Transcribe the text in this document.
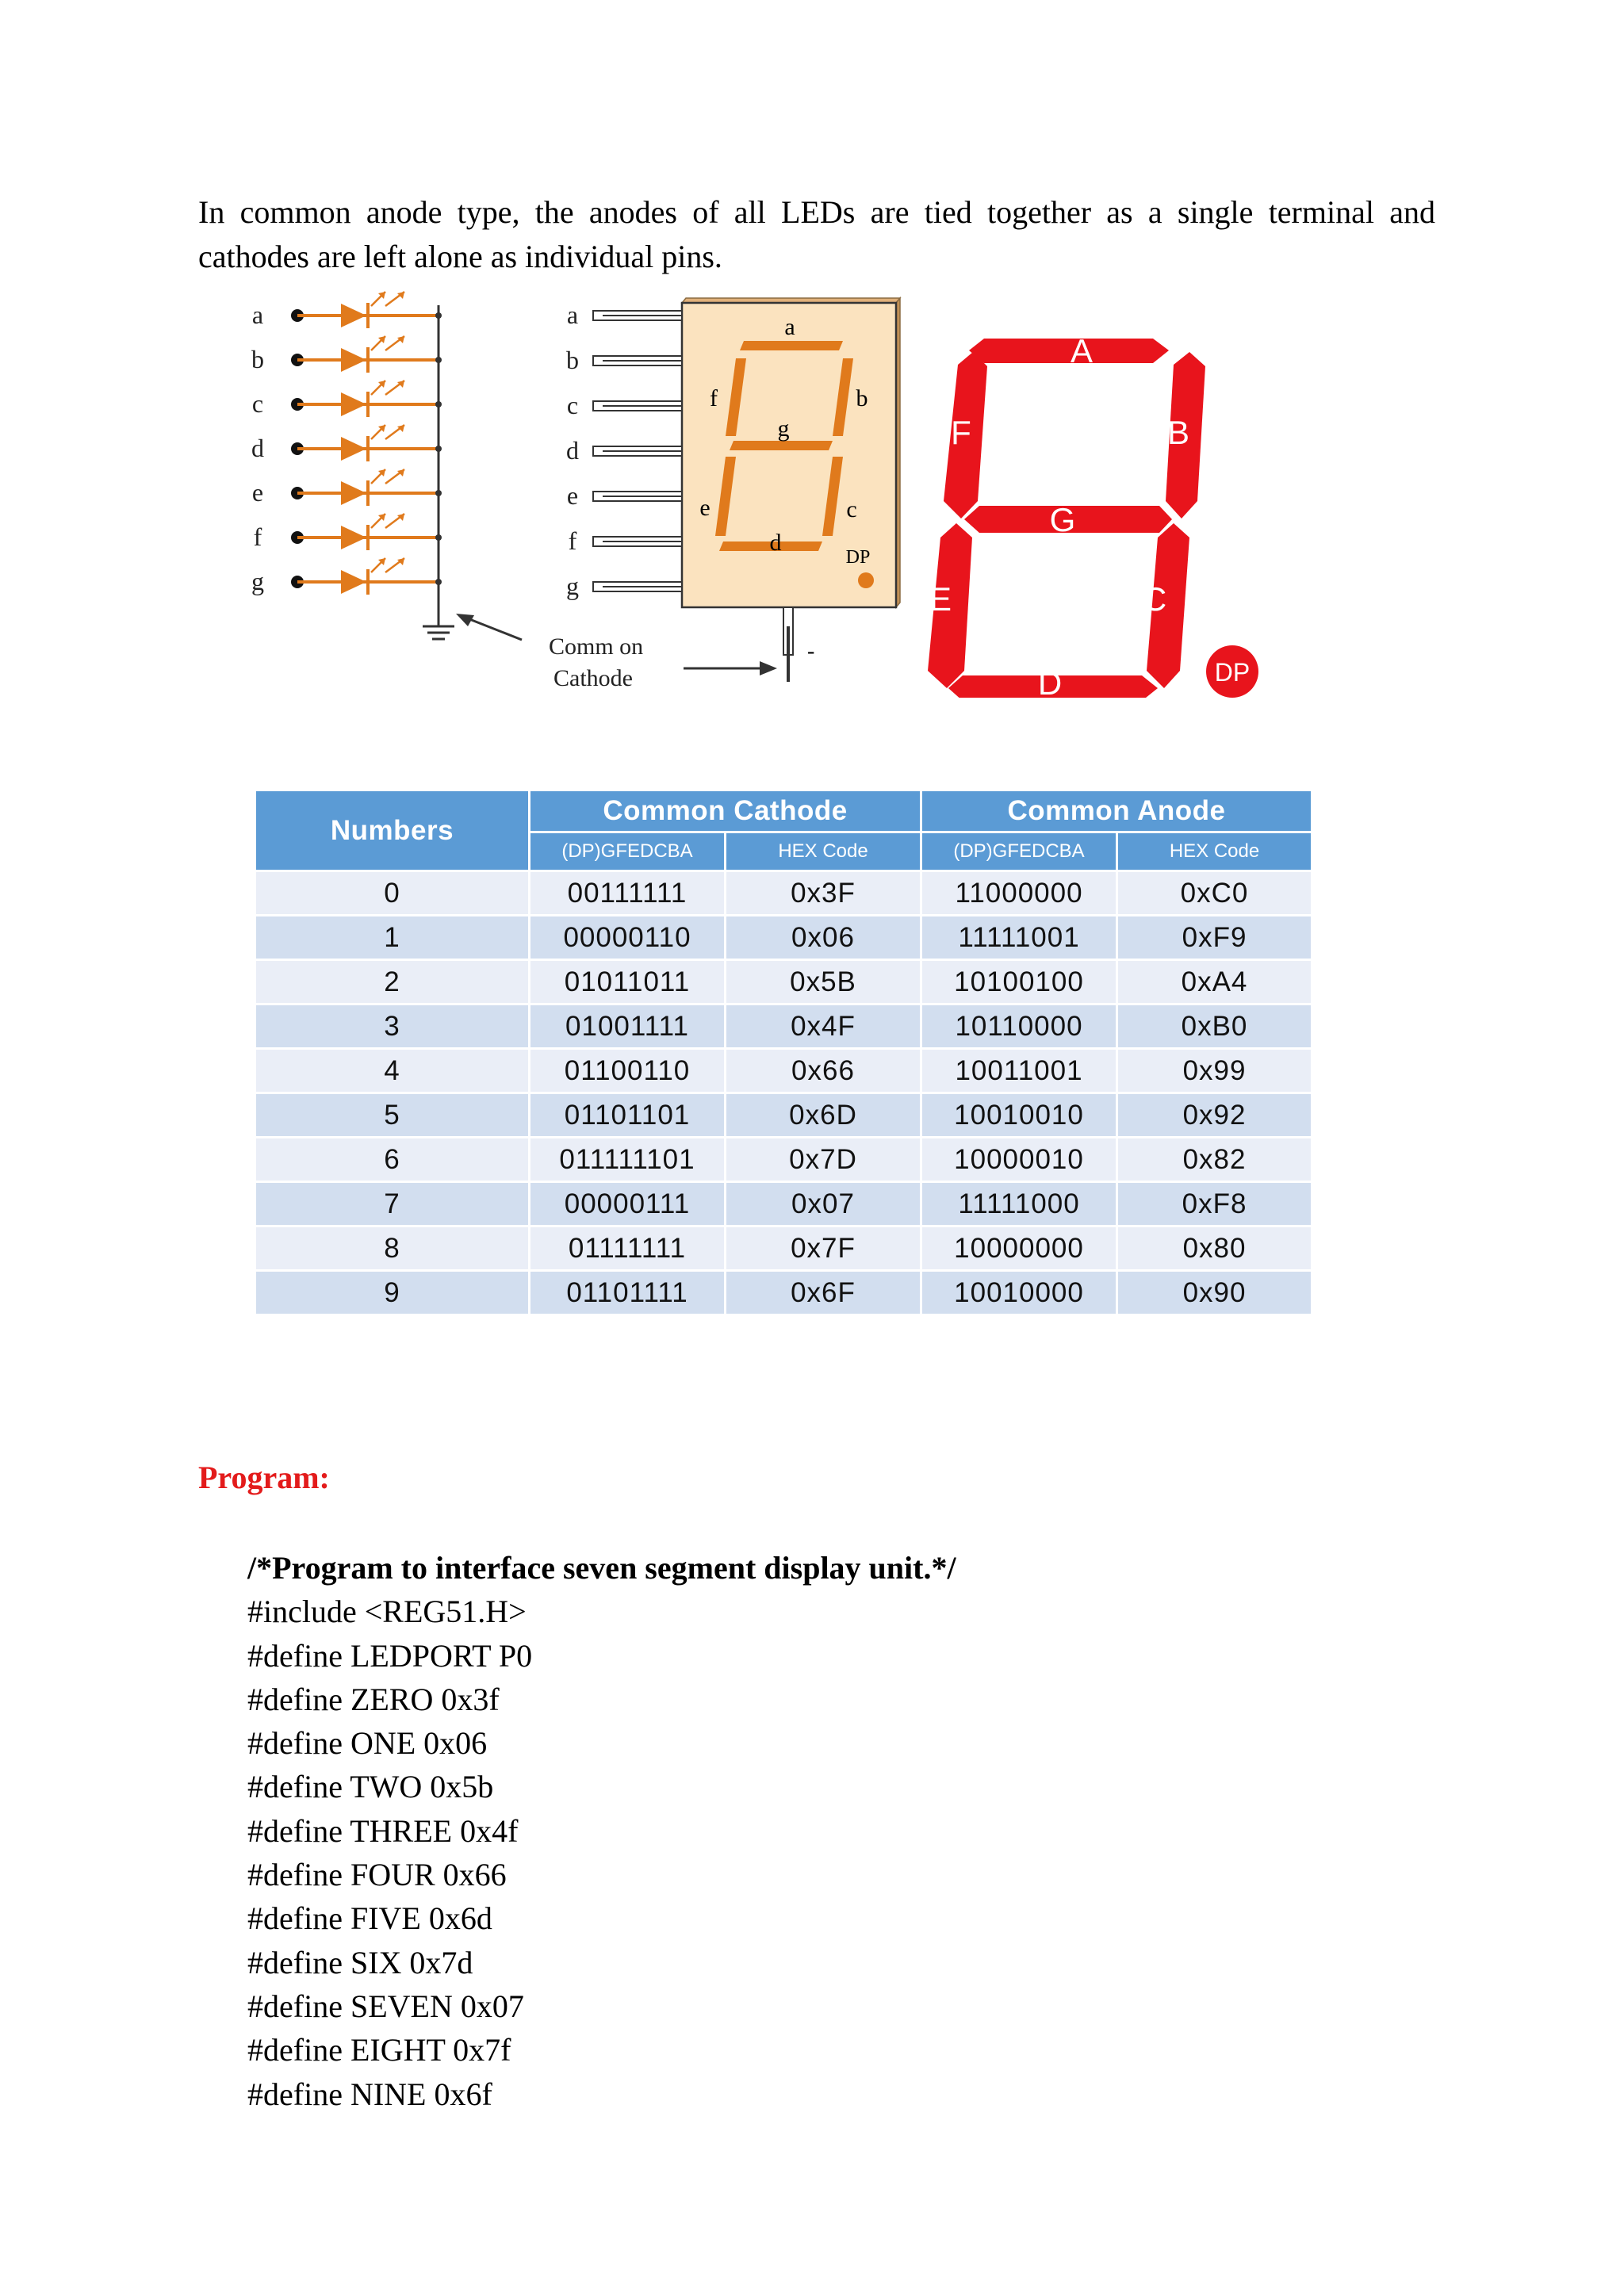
In common anode type, the anodes of all LEDs are tied together as a single terminal and cathodes are left alone as individual pins.

a
b
c
d
e
f
g
a
b
c
d
e
f
g
a
f	b
g
e	c
d
DP
-
Comm on
Cathode
A
B
F
G
E	C
D	DP
Numbers	Common Cathode		Common Anode	
	(DP)GFEDCBA	HEX Code	(DP)GFEDCBA	HEX Code
0	00111111	0x3F	11000000	0xC0
1	00000110	0x06	11111001	0xF9
2	01011011	0x5B	10100100	0xA4
3	01001111	0x4F	10110000	0xB0
4	01100110	0x66	10011001	0x99
5	01101101	0x6D	10010010	0x92
6	011111101	0x7D	10000010	0x82
7	00000111	0x07	11111000	0xF8
8	01111111	0x7F	10000000	0x80
9	01101111	0x6F	10010000	0x90
Program:
/*Program to interface seven segment display unit.*/
#include <REG51.H>
#define LEDPORT P0
#define ZERO 0x3f
#define ONE 0x06
#define TWO 0x5b
#define THREE 0x4f
#define FOUR 0x66
#define FIVE 0x6d
#define SIX 0x7d
#define SEVEN 0x07
#define EIGHT 0x7f
#define NINE 0x6f
